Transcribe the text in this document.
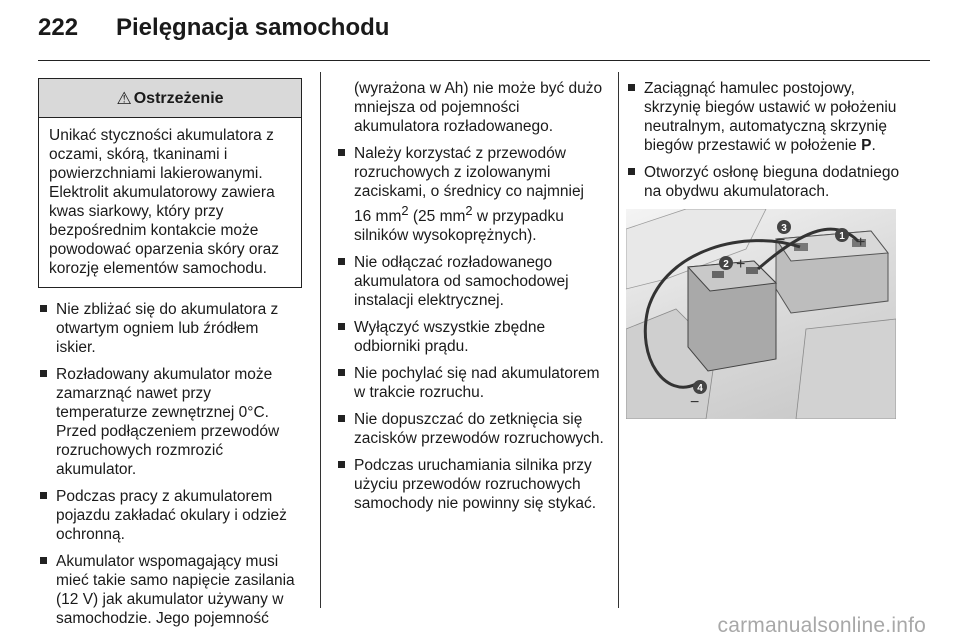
222	Pielęgnacja samochodu
⚠ Ostrzeżenie
Unikać styczności akumulatora z oczami, skórą, tkaninami i powierzchniami lakierowanymi. Elektrolit akumulatorowy zawiera kwas siarkowy, który przy bezpośrednim kontakcie może powodować oparzenia skóry oraz korozję elementów samochodu.
Nie zbliżać się do akumulatora z otwartym ogniem lub źródłem iskier.
Rozładowany akumulator może zamarznąć nawet przy temperaturze zewnętrznej 0°C. Przed podłączeniem przewodów rozruchowych rozmrozić akumulator.
Podczas pracy z akumulatorem pojazdu zakładać okulary i odzież ochronną.
Akumulator wspomagający musi mieć takie samo napięcie zasilania (12 V) jak akumulator używany w samochodzie. Jego pojemność
(wyrażona w Ah) nie może być dużo mniejsza od pojemności akumulatora rozładowanego.
Należy korzystać z przewodów rozruchowych z izolowanymi zaciskami, o średnicy co najmniej 16 $mm^2$ (25 $mm^2$ w przypadku silników wysokoprężnych).
Nie odłączać rozładowanego akumulatora od samochodowej instalacji elektrycznej.
Wyłączyć wszystkie zbędne odbiorniki prądu.
Nie pochylać się nad akumulatorem w trakcie rozruchu.
Nie dopuszczać do zetknięcia się zacisków przewodów rozruchowych.
Podczas uruchamiania silnika przy użyciu przewodów rozruchowych samochody nie powinny się stykać.
Zaciągnąć hamulec postojowy, skrzynię biegów ustawić w położeniu neutralnym, automatyczną skrzynię biegów przestawić w położenie P.
Otworzyć osłonę bieguna dodatniego na obydwu akumulatorach.
1 +
2 +
3
−
4
−
carmanualsonline.info
